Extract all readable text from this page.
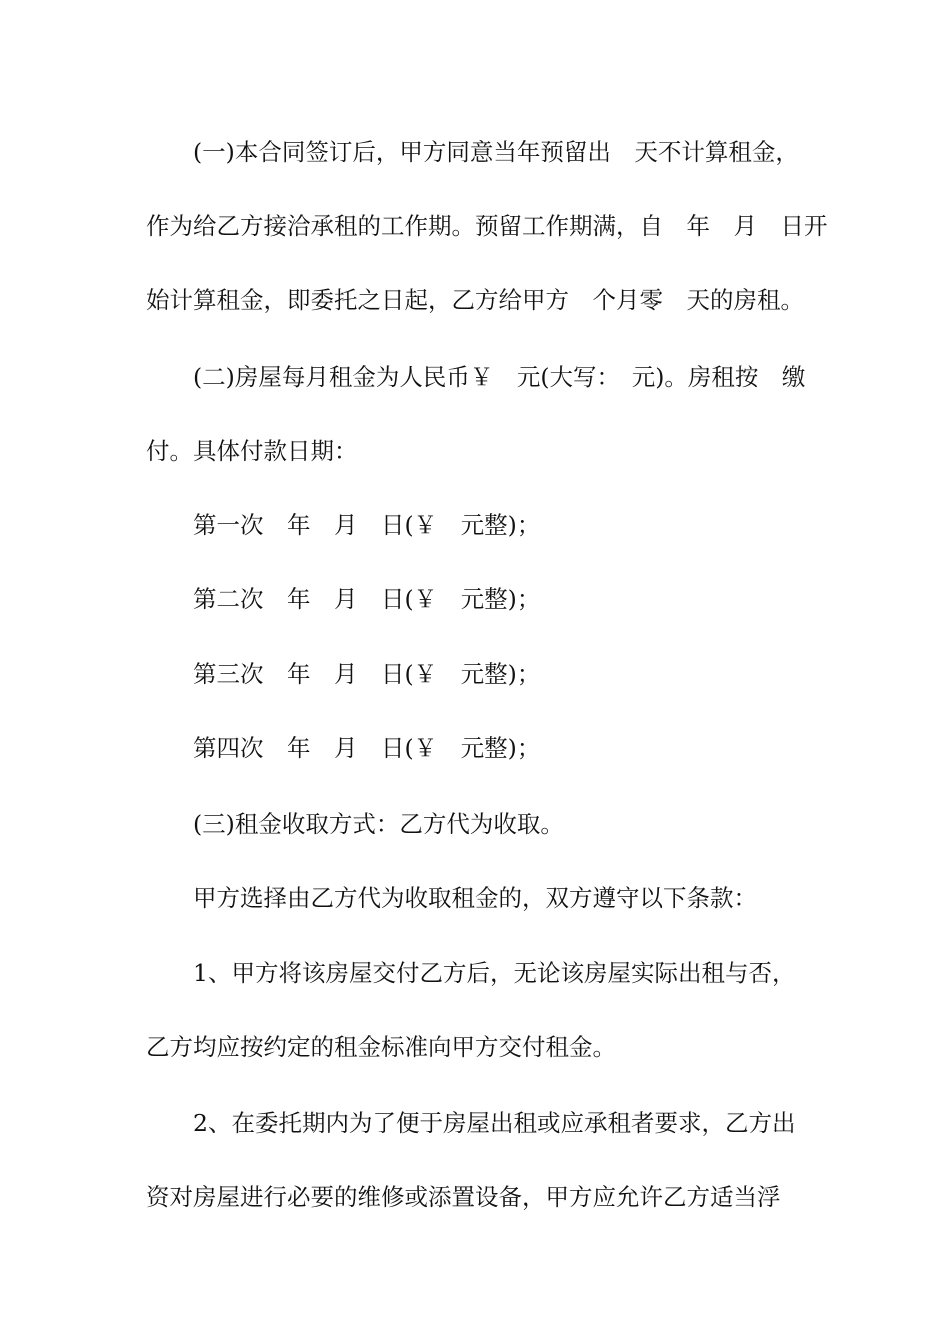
(一)本合同签订后，甲方同意当年预留出　天不计算租金，
作为给乙方接洽承租的工作期。预留工作期满，自　年　月　日开
始计算租金，即委托之日起，乙方给甲方　个月零　天的房租。
(二)房屋每月租金为人民币￥　元(大写：　元)。房租按　缴
付。具体付款日期：
第一次　年　月　日(￥　元整)；
第二次　年　月　日(￥　元整)；
第三次　年　月　日(￥　元整)；
第四次　年　月　日(￥　元整)；
(三)租金收取方式：乙方代为收取。
甲方选择由乙方代为收取租金的，双方遵守以下条款：
1、甲方将该房屋交付乙方后，无论该房屋实际出租与否，
乙方均应按约定的租金标准向甲方交付租金。
2、在委托期内为了便于房屋出租或应承租者要求，乙方出
资对房屋进行必要的维修或添置设备，甲方应允许乙方适当浮
